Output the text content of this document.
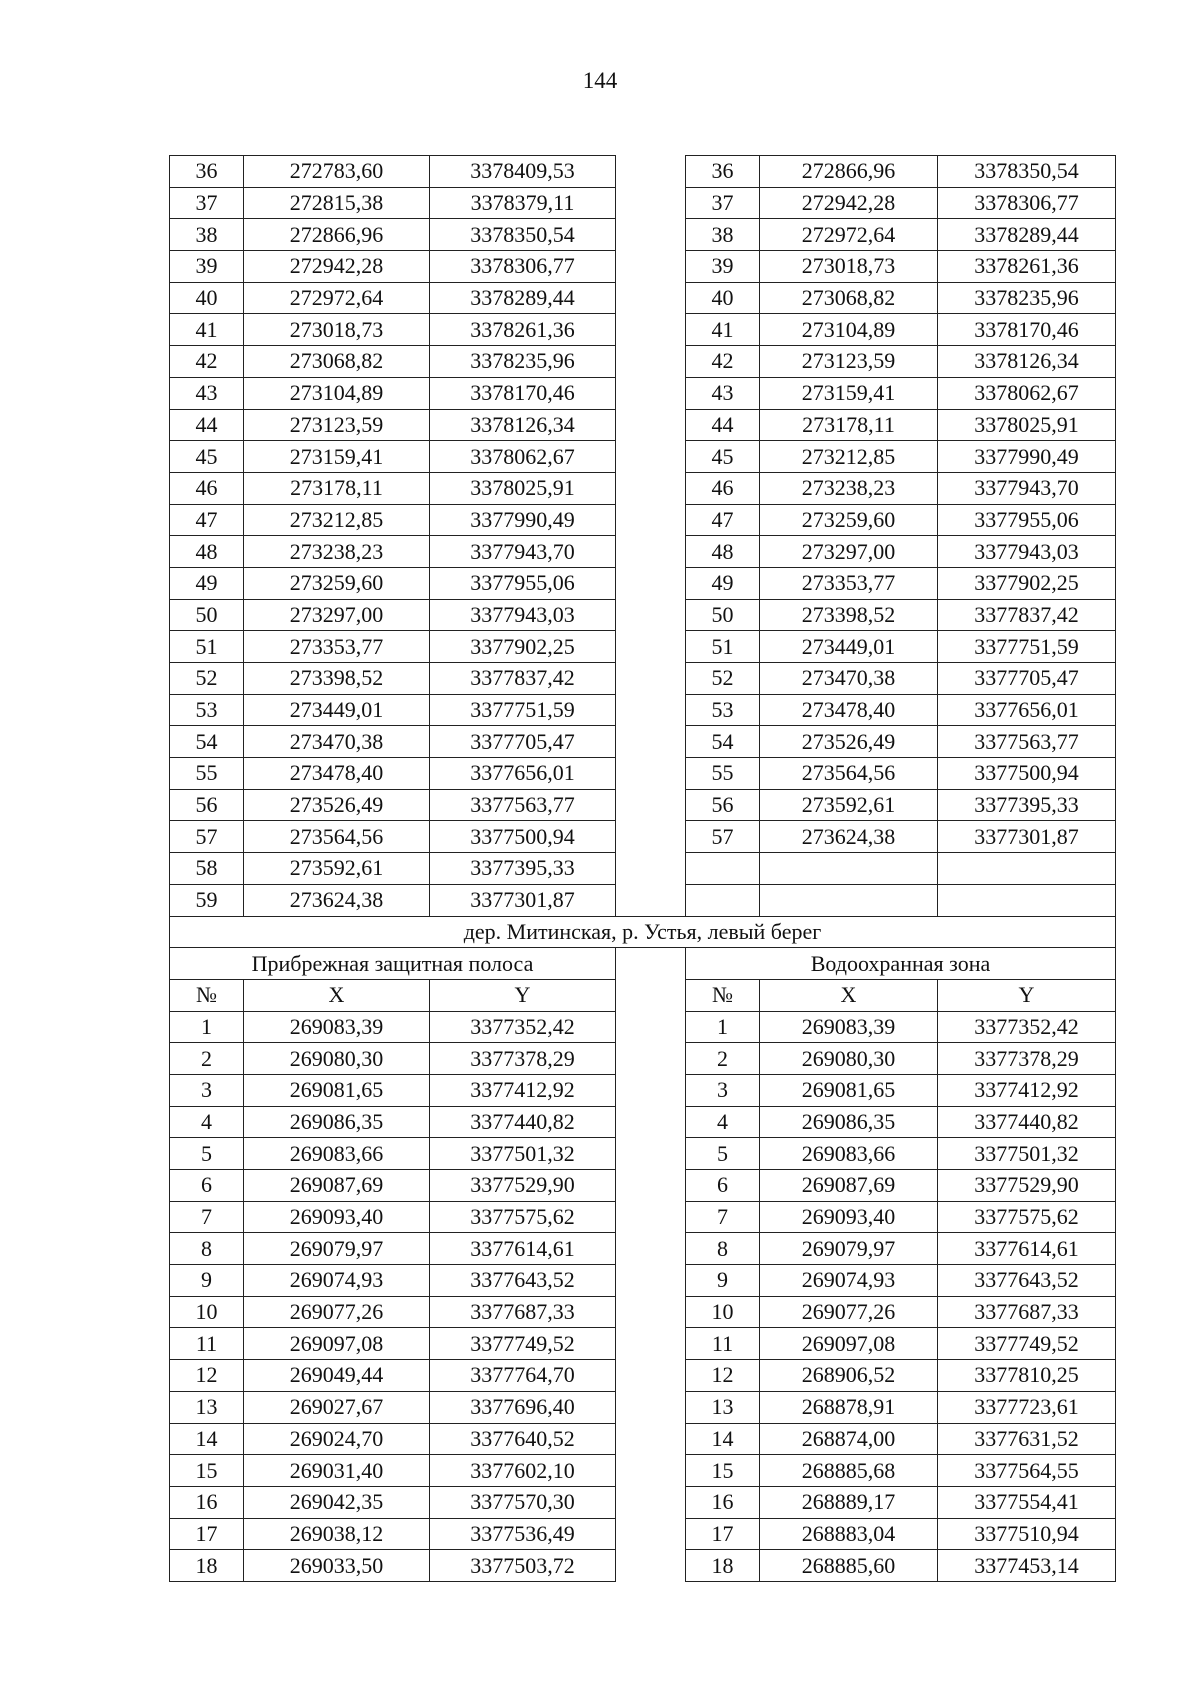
144
36	272783,60	3378409,53		36	272866,96	3378350,54
37	272815,38	3378379,11		37	272942,28	3378306,77
38	272866,96	3378350,54		38	272972,64	3378289,44
39	272942,28	3378306,77		39	273018,73	3378261,36
40	272972,64	3378289,44		40	273068,82	3378235,96
41	273018,73	3378261,36		41	273104,89	3378170,46
42	273068,82	3378235,96		42	273123,59	3378126,34
43	273104,89	3378170,46		43	273159,41	3378062,67
44	273123,59	3378126,34		44	273178,11	3378025,91
45	273159,41	3378062,67		45	273212,85	3377990,49
46	273178,11	3378025,91		46	273238,23	3377943,70
47	273212,85	3377990,49		47	273259,60	3377955,06
48	273238,23	3377943,70		48	273297,00	3377943,03
49	273259,60	3377955,06		49	273353,77	3377902,25
50	273297,00	3377943,03		50	273398,52	3377837,42
51	273353,77	3377902,25		51	273449,01	3377751,59
52	273398,52	3377837,42		52	273470,38	3377705,47
53	273449,01	3377751,59		53	273478,40	3377656,01
54	273470,38	3377705,47		54	273526,49	3377563,77
55	273478,40	3377656,01		55	273564,56	3377500,94
56	273526,49	3377563,77		56	273592,61	3377395,33
57	273564,56	3377500,94		57	273624,38	3377301,87
58	273592,61	3377395,33				
59	273624,38	3377301,87				
дер. Митинская, р. Устья, левый берег						
Прибрежная защитная полоса				Водоохранная зона		
№	X	Y		№	X	Y
1	269083,39	3377352,42		1	269083,39	3377352,42
2	269080,30	3377378,29		2	269080,30	3377378,29
3	269081,65	3377412,92		3	269081,65	3377412,92
4	269086,35	3377440,82		4	269086,35	3377440,82
5	269083,66	3377501,32		5	269083,66	3377501,32
6	269087,69	3377529,90		6	269087,69	3377529,90
7	269093,40	3377575,62		7	269093,40	3377575,62
8	269079,97	3377614,61		8	269079,97	3377614,61
9	269074,93	3377643,52		9	269074,93	3377643,52
10	269077,26	3377687,33		10	269077,26	3377687,33
11	269097,08	3377749,52		11	269097,08	3377749,52
12	269049,44	3377764,70		12	268906,52	3377810,25
13	269027,67	3377696,40		13	268878,91	3377723,61
14	269024,70	3377640,52		14	268874,00	3377631,52
15	269031,40	3377602,10		15	268885,68	3377564,55
16	269042,35	3377570,30		16	268889,17	3377554,41
17	269038,12	3377536,49		17	268883,04	3377510,94
18	269033,50	3377503,72		18	268885,60	3377453,14
